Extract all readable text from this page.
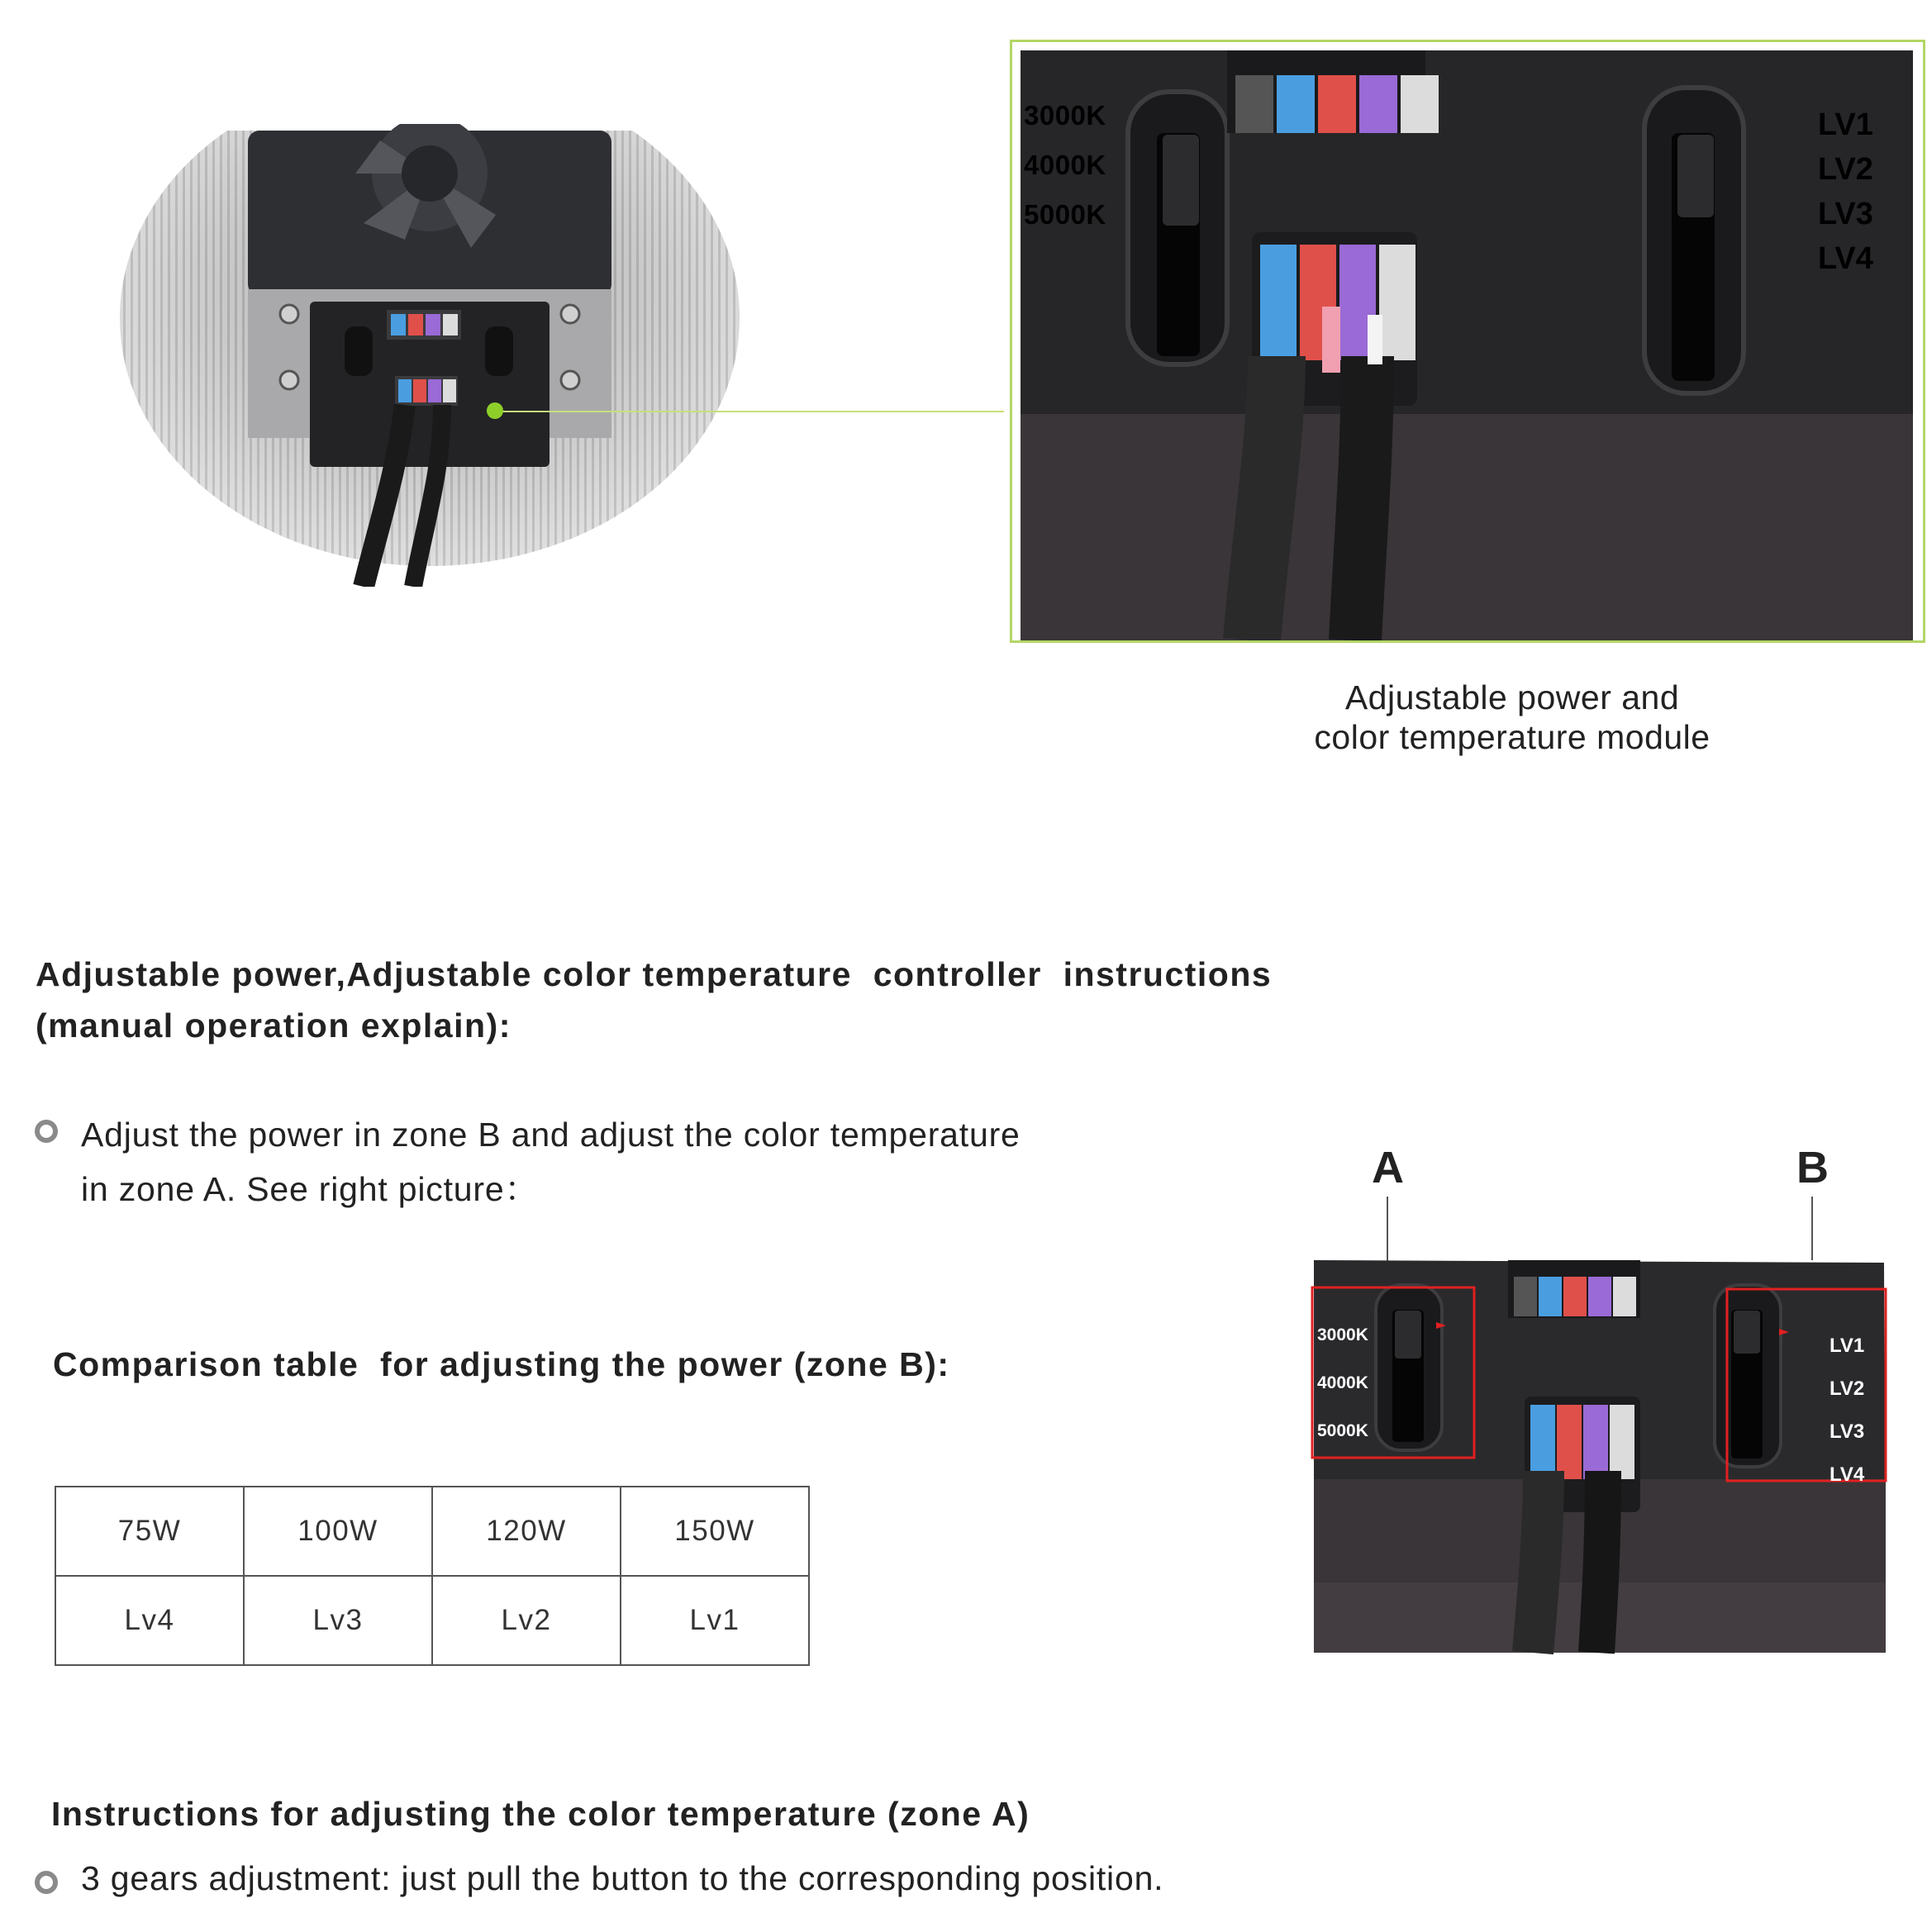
3000K
4000K
5000K
LV1
LV2
LV3
LV4
Adjustable power and
color temperature module
Adjustable power,Adjustable color temperature  controller  instructions
(manual operation explain):
Adjust the power in zone B and adjust the color temperature
in zone A. See right picture：
Comparison table  for adjusting the power (zone B):
75W	100W	120W	150W
Lv4	Lv3	Lv2	Lv1
Instructions for adjusting the color temperature (zone A)
3 gears adjustment: just pull the button to the corresponding position.
A	B
3000K
4000K
5000K
LV1
LV2
LV3
LV4
